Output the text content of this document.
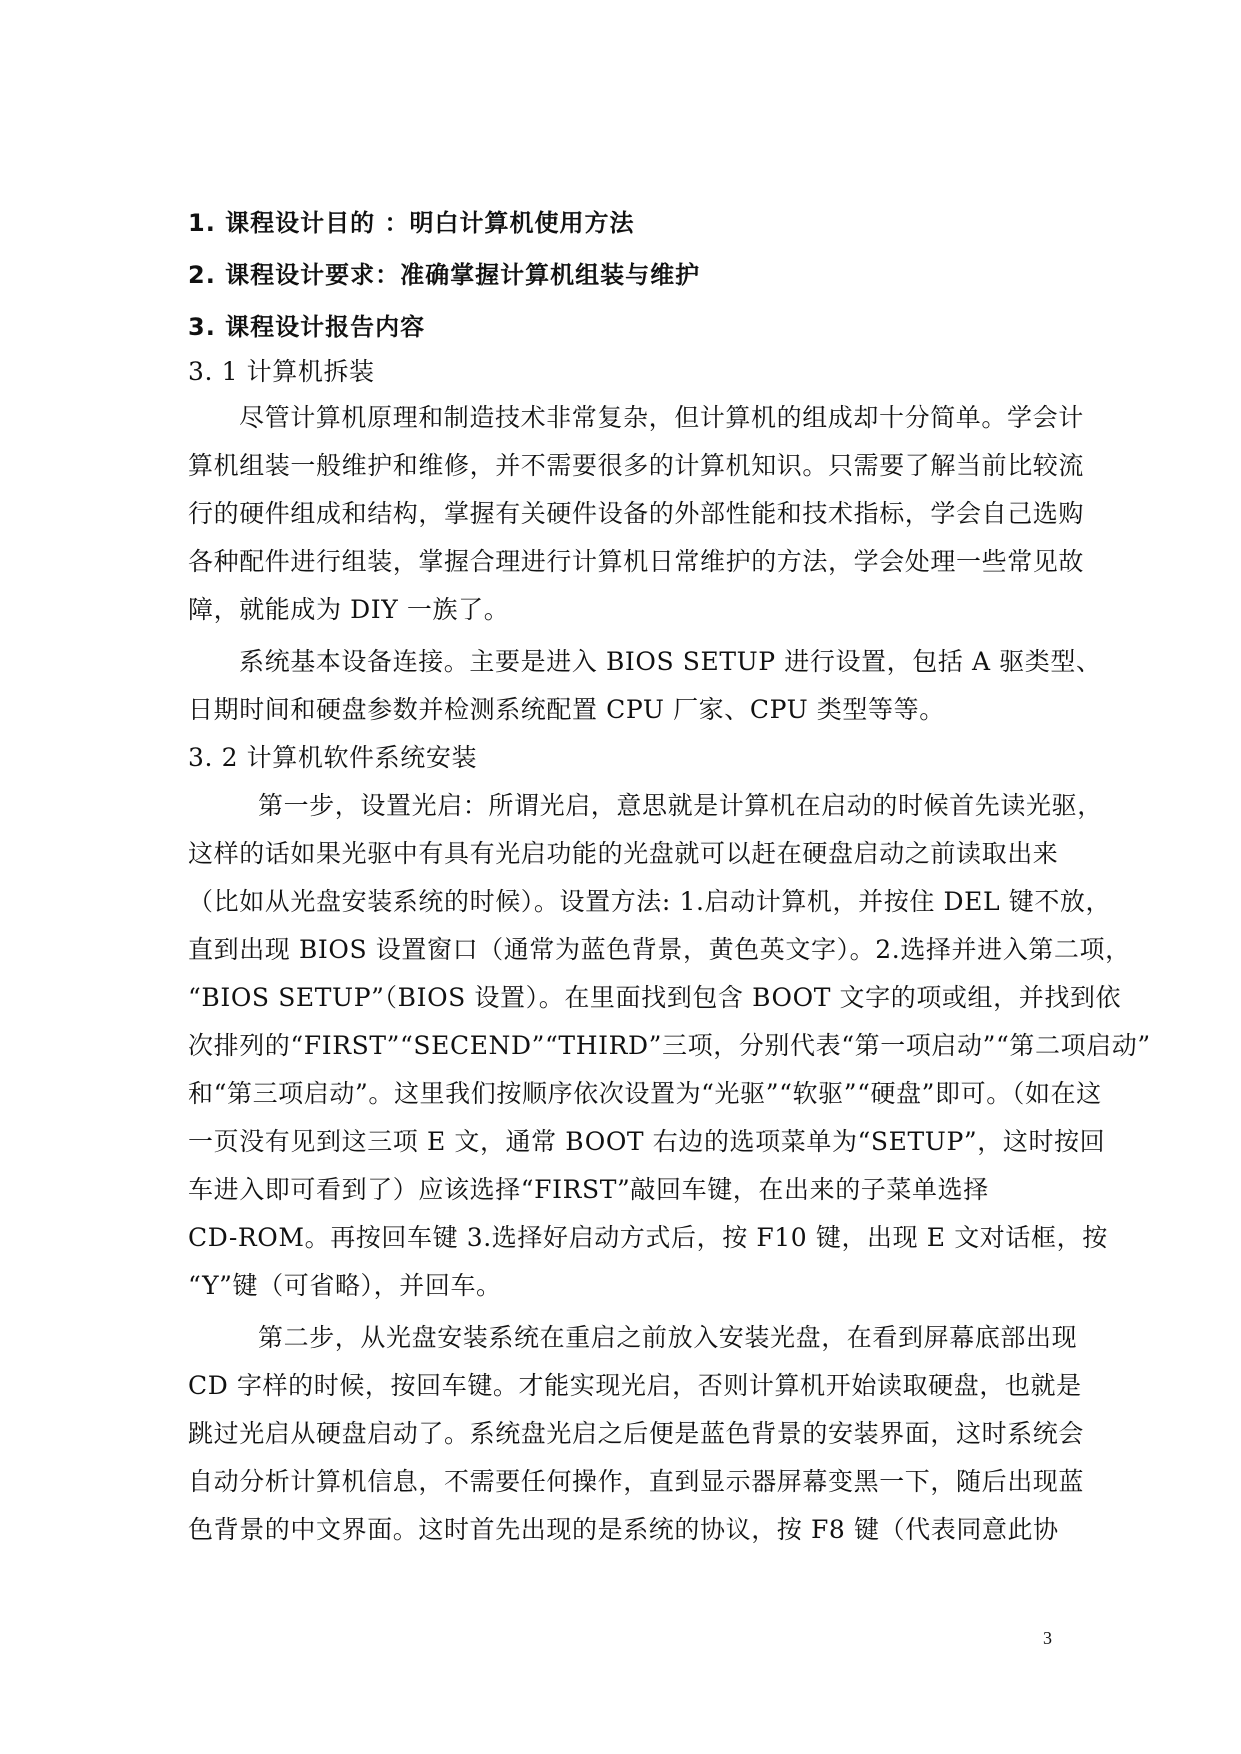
1. 课程设计目的 ：明白计算机使用方法
2. 课程设计要求：准确掌握计算机组装与维护
3. 课程设计报告内容
3. 1 计算机拆装
尽管计算机原理和制造技术非常复杂，但计算机的组成却十分简单。学会计
算机组装一般维护和维修，并不需要很多的计算机知识。只需要了解当前比较流
行的硬件组成和结构，掌握有关硬件设备的外部性能和技术指标，学会自己选购
各种配件进行组装，掌握合理进行计算机日常维护的方法，学会处理一些常见故
障，就能成为 DIY 一族了。
系统基本设备连接。主要是进入 BIOS SETUP 进行设置，包括 A 驱类型、
日期时间和硬盘参数并检测系统配置 CPU 厂家、CPU 类型等等。
3. 2 计算机软件系统安装
第一步，设置光启：所谓光启，意思就是计算机在启动的时候首先读光驱，
这样的话如果光驱中有具有光启功能的光盘就可以赶在硬盘启动之前读取出来
（比如从光盘安装系统的时候）。设置方法: 1.启动计算机，并按住 DEL 键不放，
直到出现 BIOS 设置窗口（通常为蓝色背景，黄色英文字）。2.选择并进入第二项，
“BIOS SETUP”（BIOS 设置）。在里面找到包含 BOOT 文字的项或组，并找到依
次排列的“FIRST”“SECEND”“THIRD”三项，分别代表“第一项启动”“第二项启动”
和“第三项启动”。这里我们按顺序依次设置为“光驱”“软驱”“硬盘”即可。（如在这
一页没有见到这三项 E 文，通常 BOOT 右边的选项菜单为“SETUP”，这时按回
车进入即可看到了）应该选择“FIRST”敲回车键，在出来的子菜单选择
CD-ROM。再按回车键 3.选择好启动方式后，按 F10 键，出现 E 文对话框，按
“Y”键（可省略），并回车。
第二步，从光盘安装系统在重启之前放入安装光盘，在看到屏幕底部出现
CD 字样的时候，按回车键。才能实现光启，否则计算机开始读取硬盘，也就是
跳过光启从硬盘启动了。系统盘光启之后便是蓝色背景的安装界面，这时系统会
自动分析计算机信息，不需要任何操作，直到显示器屏幕变黑一下，随后出现蓝
色背景的中文界面。这时首先出现的是系统的协议，按 F8 键（代表同意此协
3
